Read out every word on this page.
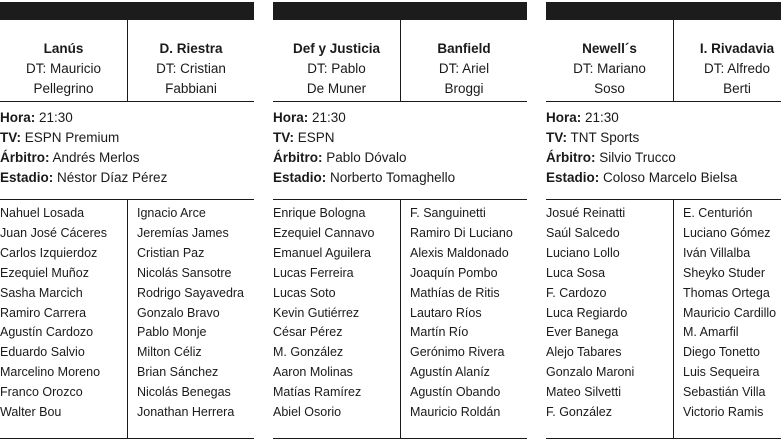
Lanús
DT: Mauricio
Pellegrino
D. Riestra
DT: Cristian
Fabbiani
Hora: 21:30
TV: ESPN Premium
Árbitro: Andrés Merlos
Estadio: Néstor Díaz Pérez
Nahuel Losada
Juan José Cáceres
Carlos Izquierdoz
Ezequiel Muñoz
Sasha Marcich
Ramiro Carrera
Agustín Cardozo
Eduardo Salvio
Marcelino Moreno
Franco Orozco
Walter Bou
Ignacio Arce
Jeremías James
Cristian Paz
Nicolás Sansotre
Rodrigo Sayavedra
Gonzalo Bravo
Pablo Monje
Milton Céliz
Brian Sánchez
Nicolás Benegas
Jonathan Herrera
Def y Justicia
DT: Pablo
De Muner
Banfield
DT: Ariel
Broggi
Hora: 21:30
TV: ESPN
Árbitro: Pablo Dóvalo
Estadio: Norberto Tomaghello
Enrique Bologna
Ezequiel Cannavo
Emanuel Aguilera
Lucas Ferreira
Lucas Soto
Kevin Gutiérrez
César Pérez
M. González
Aaron Molinas
Matías Ramírez
Abiel Osorio
F. Sanguinetti
Ramiro Di Luciano
Alexis Maldonado
Joaquín Pombo
Mathías de Ritis
Lautaro Ríos
Martín Río
Gerónimo Rivera
Agustín Alaníz
Agustín Obando
Mauricio Roldán
Newell´s
DT: Mariano
Soso
I. Rivadavia
DT: Alfredo
Berti
Hora: 21:30
TV: TNT Sports
Árbitro: Silvio Trucco
Estadio: Coloso Marcelo Bielsa
Josué Reinatti
Saúl Salcedo
Luciano Lollo
Luca Sosa
F. Cardozo
Luca Regiardo
Ever Banega
Alejo Tabares
Gonzalo Maroni
Mateo Silvetti
F. González
E. Centurión
Luciano Gómez
Iván Villalba
Sheyko Studer
Thomas Ortega
Mauricio Cardillo
M. Amarfil
Diego Tonetto
Luis Sequeira
Sebastián Villa
Victorio Ramis
